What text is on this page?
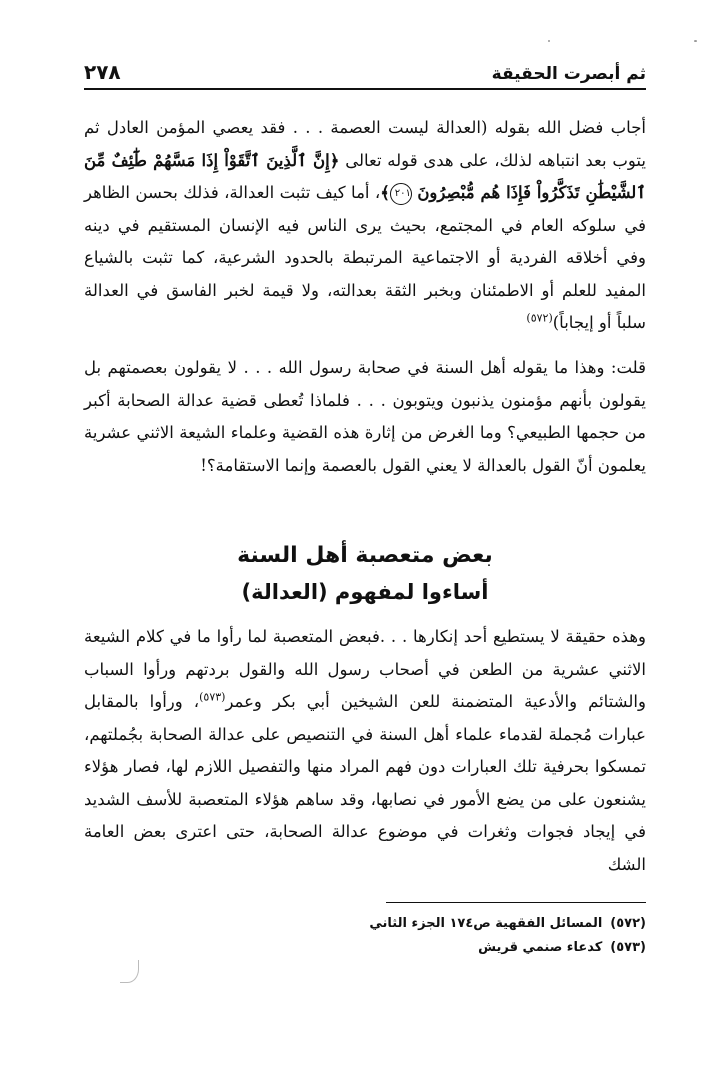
ثم أبصرت الحقيقة
٢٧٨

أجاب فضل الله بقوله (العدالة ليست العصمة . . . فقد يعصي المؤمن العادل ثم يتوب بعد انتباهه لذلك، على هدى قوله تعالى ﴿إِنَّ ٱلَّذِينَ ٱتَّقَوْاْ إِذَا مَسَّهُمْ طَٰٓئِفٌ مِّنَ ٱلشَّيْطَٰنِ تَذَكَّرُواْ فَإِذَا هُم مُّبْصِرُونَ ٢٠١﴾، أما كيف تثبت العدالة، فذلك بحسن الظاهر في سلوكه العام في المجتمع، بحيث يرى الناس فيه الإنسان المستقيم في دينه وفي أخلاقه الفردية أو الاجتماعية المرتبطة بالحدود الشرعية، كما تثبت بالشياع المفيد للعلم أو الاطمئنان وبخبر الثقة بعدالته، ولا قيمة لخبر الفاسق في العدالة سلباً أو إيجاباً)$^{(٥٧٢)}$

قلت: وهذا ما يقوله أهل السنة في صحابة رسول الله . . . لا يقولون بعصمتهم بل يقولون بأنهم مؤمنون يذنبون ويتوبون . . . فلماذا تُعطى قضية عدالة الصحابة أكبر من حجمها الطبيعي؟ وما الغرض من إثارة هذه القضية وعلماء الشيعة الاثني عشرية يعلمون أنّ القول بالعدالة لا يعني القول بالعصمة وإنما الاستقامة؟!

بعض متعصبة أهل السنة
أساءوا لمفهوم (العدالة)

وهذه حقيقة لا يستطيع أحد إنكارها . . .فبعض المتعصبة لما رأوا ما في كلام الشيعة الاثني عشرية من الطعن في أصحاب رسول الله والقول بردتهم ورأوا السباب والشتائم والأدعية المتضمنة للعن الشيخين أبي بكر وعمر$^{(٥٧٣)}$، ورأوا بالمقابل عبارات مُجملة لقدماء علماء أهل السنة في التنصيص على عدالة الصحابة بجُملتهم، تمسكوا بحرفية تلك العبارات دون فهم المراد منها والتفصيل اللازم لها، فصار هؤلاء يشنعون على من يضع الأمور في نصابها، وقد ساهم هؤلاء المتعصبة للأسف الشديد في إيجاد فجوات وثغرات في موضوع عدالة الصحابة، حتى اعترى بعض العامة الشك

(٥٧٢)المسائل الفقهية ص١٧٤ الجزء الثاني
(٥٧٣)كدعاء صنمي قريش
